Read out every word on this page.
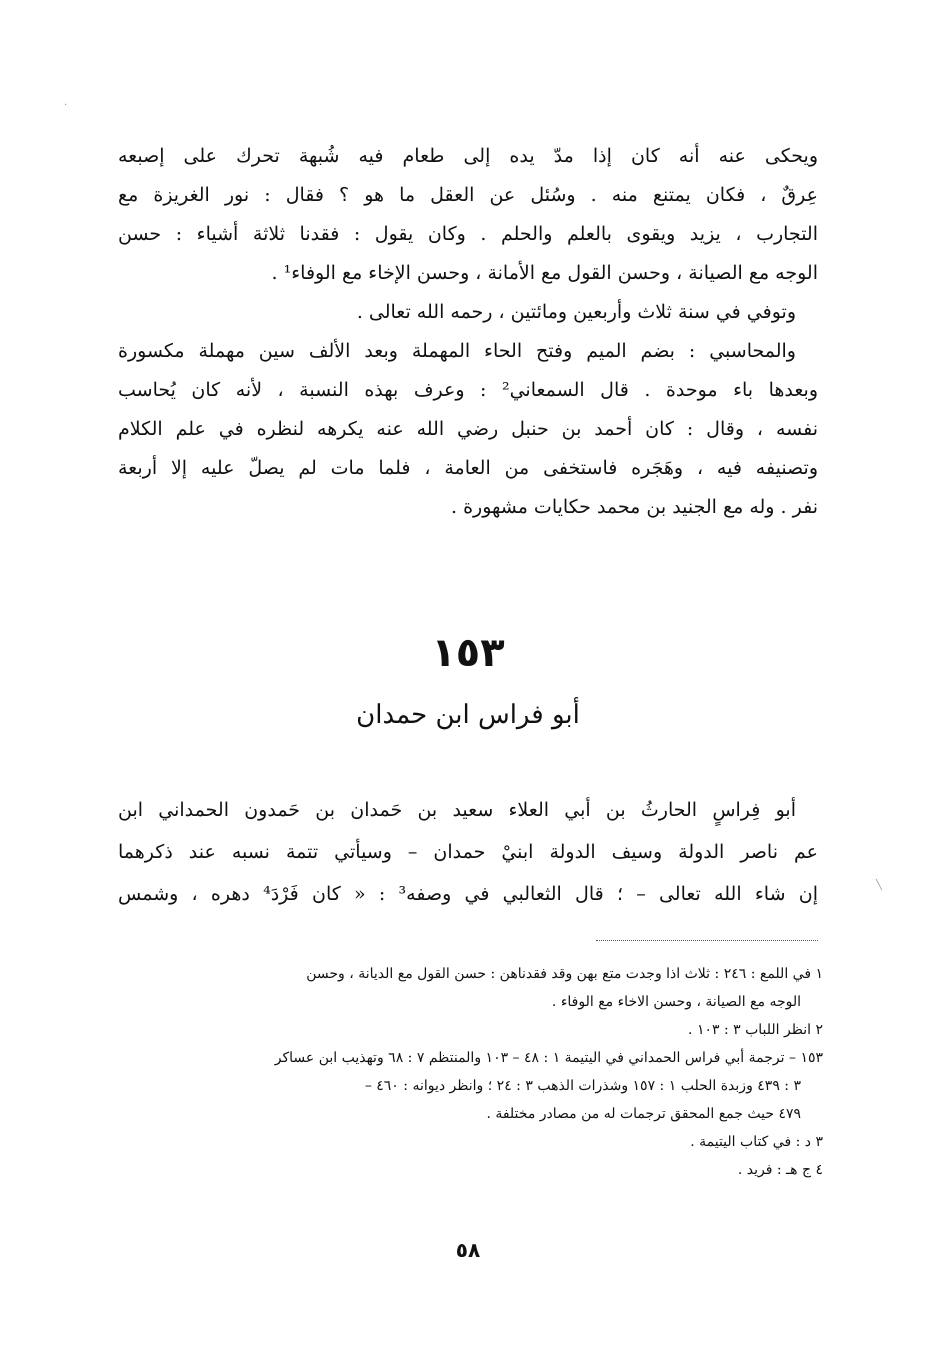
ويحكى عنه أنه كان إذا مدّ يده إلى طعام فيه شُبهة تحرك على إصبعه
عِرقٌ ، فكان يمتنع منه . وسُئل عن العقل ما هو ؟ فقال : نور الغريزة مع
التجارب ، يزيد ويقوى بالعلم والحلم . وكان يقول : فقدنا ثلاثة أشياء : حسن
الوجه مع الصيانة ، وحسن القول مع الأمانة ، وحسن الإخاء مع الوفاء¹ .
وتوفي في سنة ثلاث وأربعين ومائتين ، رحمه الله تعالى .
والمحاسبي : بضم الميم وفتح الحاء المهملة وبعد الألف سين مهملة مكسورة
وبعدها باء موحدة . قال السمعاني² : وعرف بهذه النسبة ، لأنه كان يُحاسب
نفسه ، وقال : كان أحمد بن حنبل رضي الله عنه يكرهه لنظره في علم الكلام
وتصنيفه فيه ، وهَجَره فاستخفى من العامة ، فلما مات لم يصلّ عليه إلا أربعة
نفر . وله مع الجنيد بن محمد حكايات مشهورة .
١٥٣
أبو فراس ابن حمدان
أبو فِراسٍ الحارثُ بن أبي العلاء سعيد بن حَمدان بن حَمدون الحمداني ابن
عم ناصر الدولة وسيف الدولة ابنيْ حمدان – وسيأتي تتمة نسبه عند ذكرهما
إن شاء الله تعالى – ؛ قال الثعالبي في وصفه³ : « كان فَرْدَ⁴ دهره ، وشمس
١ في اللمع : ٢٤٦ : ثلاث اذا وجدت متع بهن وقد فقدناهن : حسن القول مع الديانة ، وحسن
الوجه مع الصيانة ، وحسن الاخاء مع الوفاء .
٢ انظر اللباب ٣ : ١٠٣ .
١٥٣ – ترجمة أبي فراس الحمداني في اليتيمة ١ : ٤٨ – ١٠٣ والمنتظم ٧ : ٦٨ وتهذيب ابن عساكر
٣ : ٤٣٩ وزبدة الحلب ١ : ١٥٧ وشذرات الذهب ٣ : ٢٤ ؛ وانظر ديوانه : ٤٦٠ –
٤٧٩ حيث جمع المحقق ترجمات له من مصادر مختلفة .
٣ د : في كتاب اليتيمة .
٤ ج هـ : فريد .
٥٨
·
╲
